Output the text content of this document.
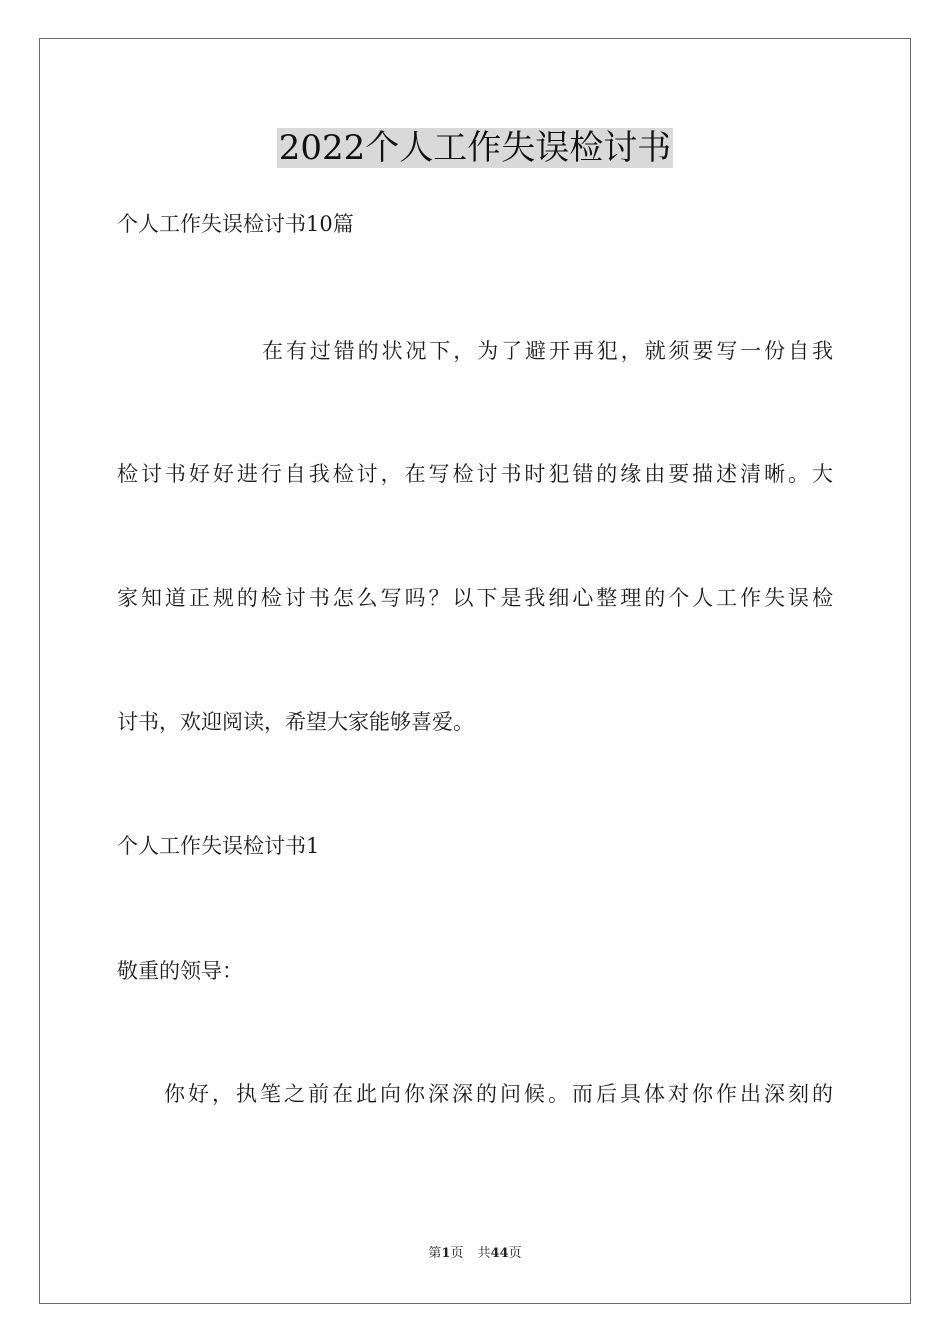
2022个人工作失误检讨书
个人工作失误检讨书10篇
在有过错的状况下，为了避开再犯，就须要写一份自我
检讨书好好进行自我检讨，在写检讨书时犯错的缘由要描述清晰。大
家知道正规的检讨书怎么写吗？以下是我细心整理的个人工作失误检
讨书，欢迎阅读，希望大家能够喜爱。
个人工作失误检讨书1
敬重的领导：
你好，执笔之前在此向你深深的问候。而后具体对你作出深刻的
第1页 共44页
